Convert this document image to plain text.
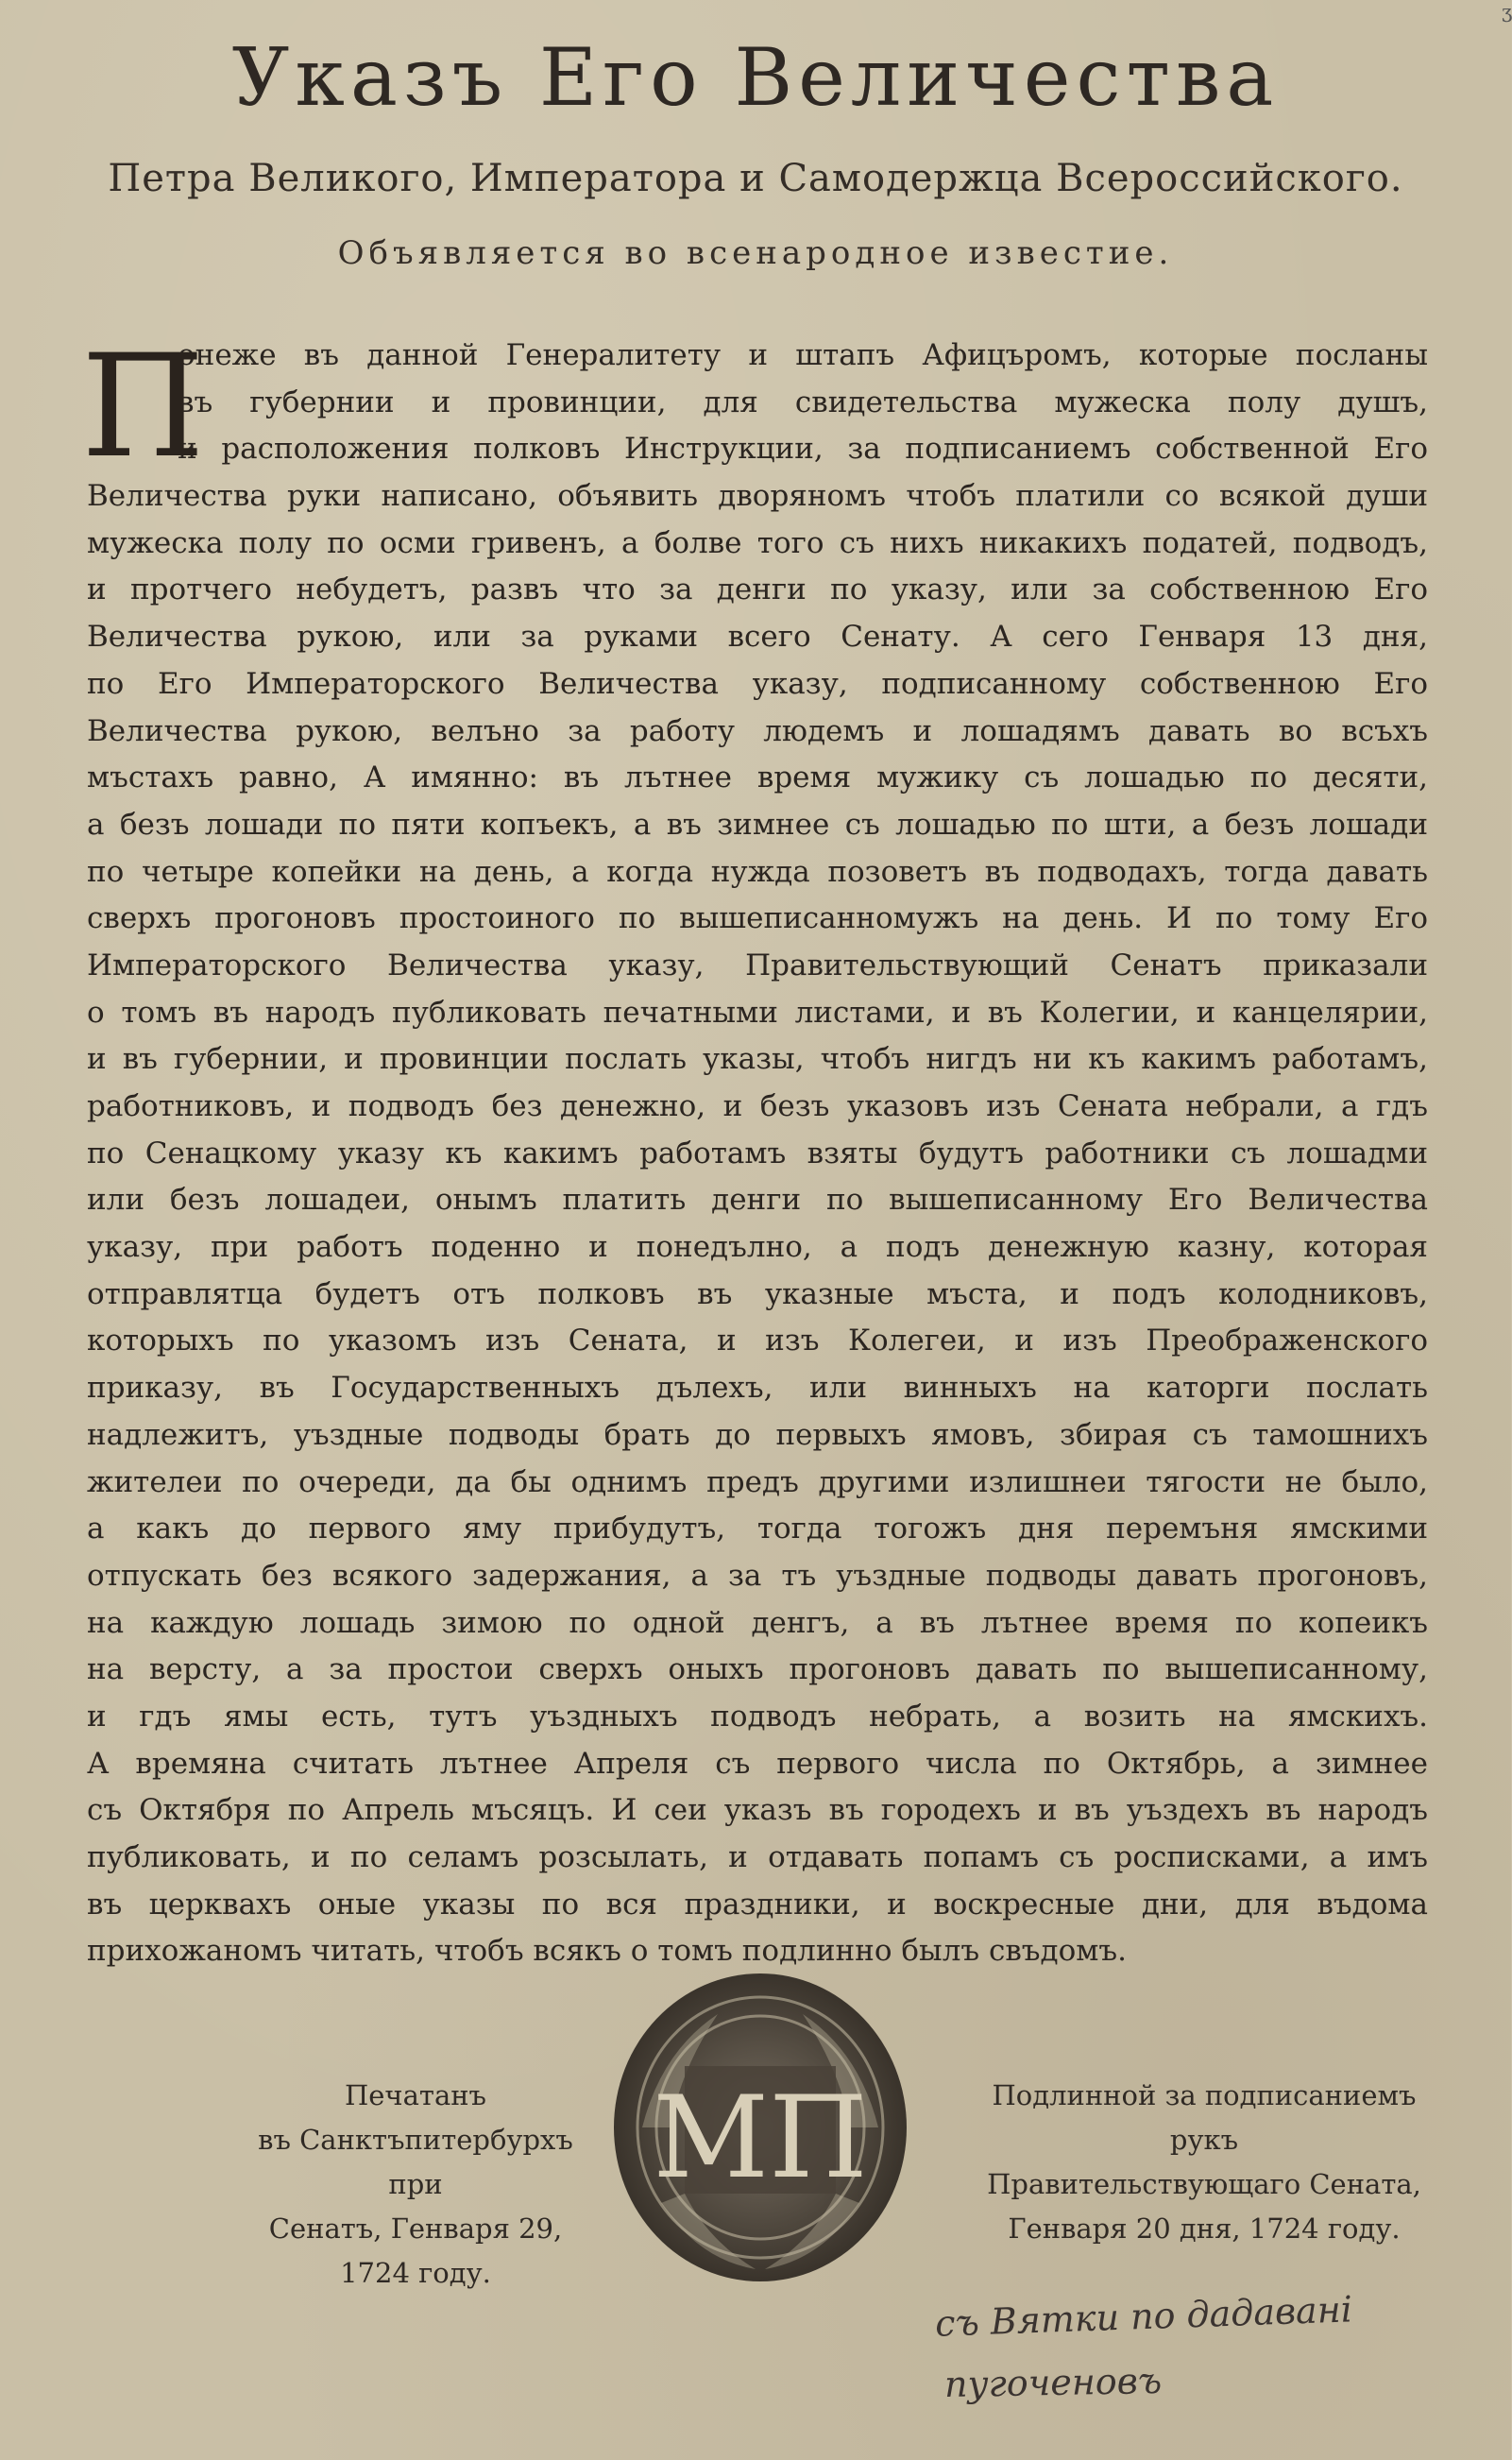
ʒ
Указъ Его Величества
Петра Великого, Императора и Самодержца Всероссийского.
Объявляется во всенародное известие.
П
онеже въ данной Генералитету и штапъ Афицъромъ, которые посланы
въ губернии и провинции, для свидетельства мужеска полу душъ,
и расположения полковъ Инструкции, за подписаниемъ собственной Его
Величества руки написано, объявить дворяномъ чтобъ платили со всякой души
мужеска полу по осми гривенъ, а болве того съ нихъ никакихъ податей, подводъ,
и протчего небудетъ, развъ что за денги по указу, или за собственною Его
Величества рукою, или за руками всего Сенату. А сего Генваря 13 дня,
по Его Императорского Величества указу, подписанному собственною Его
Величества рукою, велъно за работу людемъ и лошадямъ давать во всъхъ
мъстахъ равно, А имянно: въ лътнее время мужику съ лошадью по десяти,
а безъ лошади по пяти копъекъ, а въ зимнее съ лошадью по шти, а безъ лошади
по четыре копейки на день, а когда нужда позоветъ въ подводахъ, тогда давать
сверхъ прогоновъ простоиного по вышеписанномужъ на день. И по тому Его
Императорского Величества указу, Правительствующий Сенатъ приказали
о томъ въ народъ публиковать печатными листами, и въ Колегии, и канцелярии,
и въ губернии, и провинции послать указы, чтобъ нигдъ ни къ какимъ работамъ,
работниковъ, и подводъ без денежно, и безъ указовъ изъ Сената небрали, а гдъ
по Сенацкому указу къ какимъ работамъ взяты будутъ работники съ лошадми
или безъ лошадеи, онымъ платить денги по вышеписанному Его Величества
указу, при работъ поденно и понедълно, а подъ денежную казну, которая
отправлятца будетъ отъ полковъ въ указные мъста, и подъ колодниковъ,
которыхъ по указомъ изъ Сената, и изъ Колегеи, и изъ Преображенского
приказу, въ Государственныхъ дълехъ, или винныхъ на каторги послать
надлежитъ, уъздные подводы брать до первыхъ ямовъ, збирая съ тамошнихъ
жителеи по очереди, да бы однимъ предъ другими излишнеи тягости не было,
а какъ до первого яму прибудутъ, тогда тогожъ дня перемъня ямскими
отпускать без всякого задержания, а за тъ уъздные подводы давать прогоновъ,
на каждую лошадь зимою по одной денгъ, а въ лътнее время по копеикъ
на версту, а за простои сверхъ оныхъ прогоновъ давать по вышеписанному,
и гдъ ямы есть, тутъ уъздныхъ подводъ небрать, а возить на ямскихъ.
А времяна считать лътнее Апреля съ первого числа по Октябрь, а зимнее
съ Октября по Апрель мъсяцъ. И сеи указъ въ городехъ и въ уъздехъ въ народъ
публиковать, и по селамъ розсылать, и отдавать попамъ съ росписками, а имъ
въ церквахъ оные указы по вся праздники, и воскресные дни, для въдома
прихожаномъ читать, чтобъ всякъ о томъ подлинно былъ свъдомъ.
Печатанъ
въ Санктъпитербурхъ при
Сенатъ, Генваря 29, 1724 году.
МП	Подлинной за подписаниемъ рукъ
Правительствующаго Сената,
Генваря 20 дня, 1724 году.
съ Вятки по дадаванi
пугоченовъ
